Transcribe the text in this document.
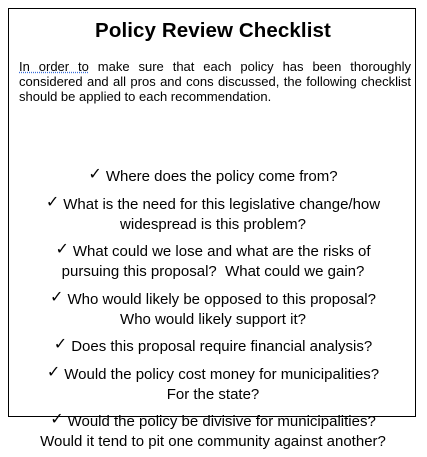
Policy Review Checklist
In order to make sure that each policy has been thoroughly considered and all pros and cons discussed, the following checklist should be applied to each recommendation.
✓ Where does the policy come from?
✓ What is the need for this legislative change/how
widespread is this problem?
✓ What could we lose and what are the risks of
pursuing this proposal?  What could we gain?
✓ Who would likely be opposed to this proposal?
Who would likely support it?
✓ Does this proposal require financial analysis?
✓ Would the policy cost money for municipalities?
For the state?
✓ Would the policy be divisive for municipalities?
Would it tend to pit one community against another?
